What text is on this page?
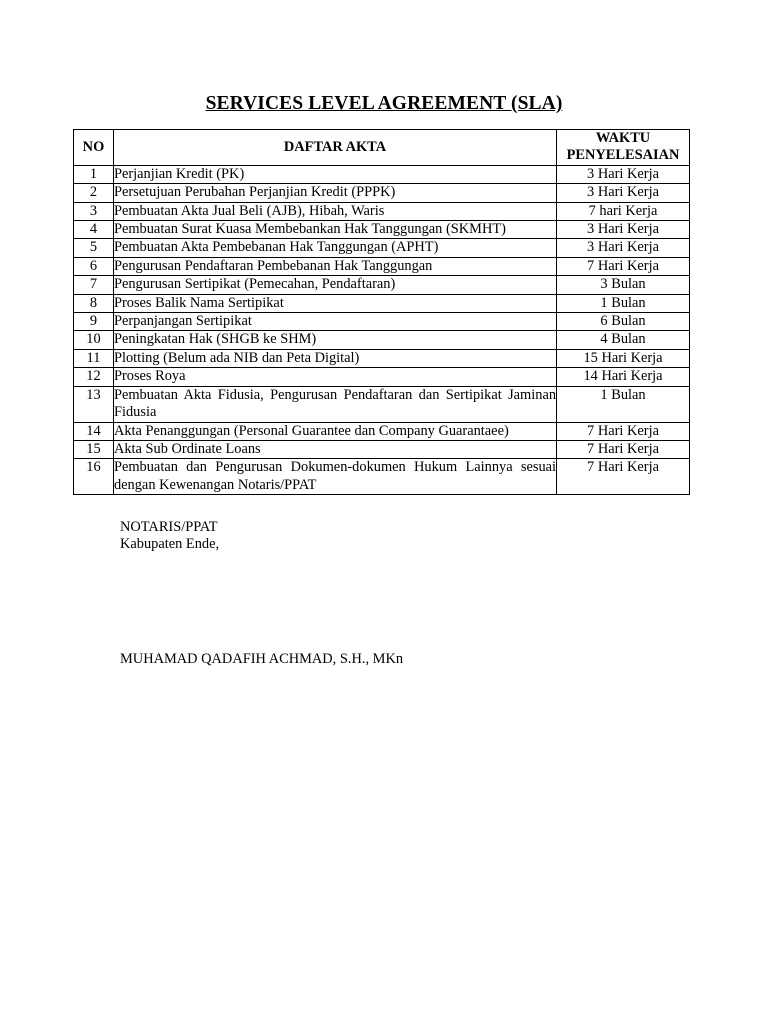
SERVICES LEVEL AGREEMENT (SLA)
NO	DAFTAR AKTA	WAKTU
PENYELESAIAN

1	Perjanjian Kredit (PK)	3 Hari Kerja
2	Persetujuan Perubahan Perjanjian Kredit (PPPK)	3 Hari Kerja
3	Pembuatan Akta Jual Beli (AJB), Hibah, Waris	7 hari Kerja
4	Pembuatan Surat Kuasa Membebankan Hak Tanggungan (SKMHT)	3 Hari Kerja
5	Pembuatan Akta Pembebanan Hak Tanggungan (APHT)	3 Hari Kerja
6	Pengurusan Pendaftaran Pembebanan Hak Tanggungan	7 Hari Kerja
7	Pengurusan Sertipikat (Pemecahan, Pendaftaran)	3 Bulan
8	Proses Balik Nama Sertipikat	1 Bulan
9	Perpanjangan Sertipikat	6 Bulan
10	Peningkatan Hak (SHGB ke SHM)	4 Bulan
11	Plotting (Belum ada NIB dan Peta Digital)	15 Hari Kerja
12	Proses Roya	14 Hari Kerja
13	Pembuatan Akta Fidusia, Pengurusan Pendaftaran dan Sertipikat Jaminan Fidusia	1 Bulan
14	Akta Penanggungan (Personal Guarantee dan Company Guarantaee)	7 Hari Kerja
15	Akta Sub Ordinate Loans	7 Hari Kerja
16	Pembuatan dan Pengurusan Dokumen-dokumen Hukum Lainnya sesuai dengan Kewenangan Notaris/PPAT	7 Hari Kerja
NOTARIS/PPAT
Kabupaten Ende,
MUHAMAD QADAFIH ACHMAD, S.H., MKn
